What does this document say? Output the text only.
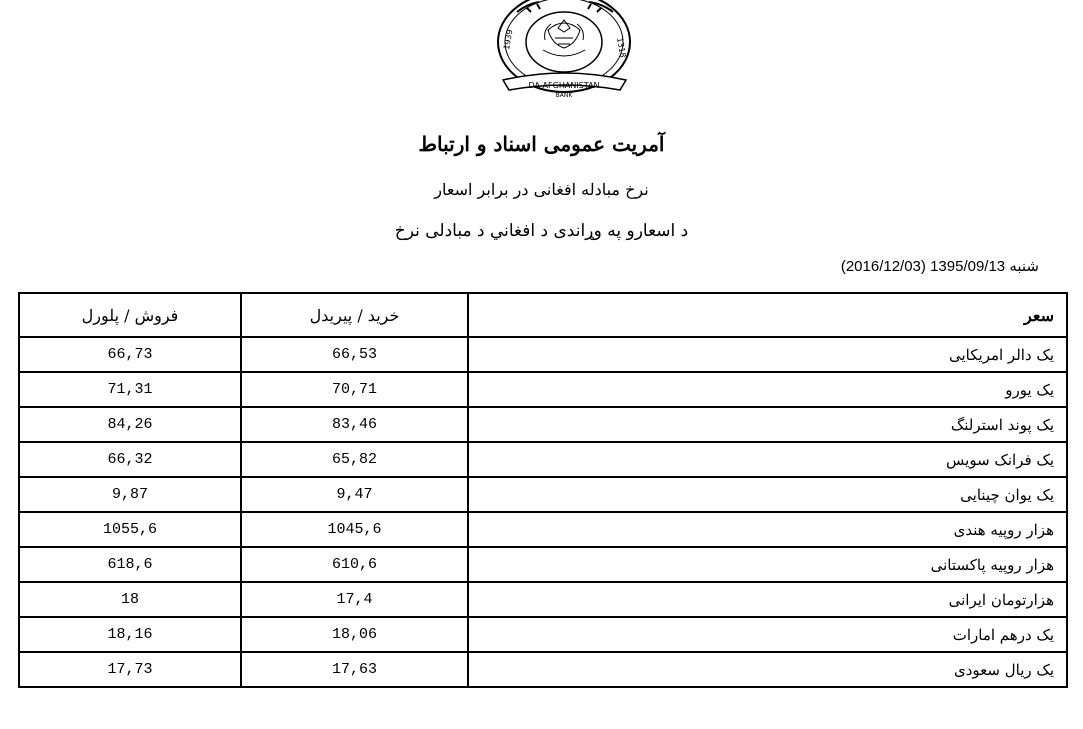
1939	1318
DA AFGHANISTAN
BANK
آمریت عمومی اسناد و ارتباط
نرخ مبادله افغانی در برابر اسعار
د اسعارو په وړاندی د افغاني د مبادلی نرخ
شنبه 1395/09/13 (2016/12/03)
فروش / پلورل	خرید / پیریدل	سعر
66,73	66,53	یک دالر امریکایی
71,31	70,71	یک یورو
84,26	83,46	یک پوند استرلنگ
66,32	65,82	یک فرانک سویس
9,87	9,47	یک یوان چینایی
1055,6	1045,6	هزار روپیه هندی
618,6	610,6	هزار روپیه پاکستانی
18	17,4	هزارتومان ایرانی
18,16	18,06	یک درهم امارات
17,73	17,63	یک ریال سعودی
